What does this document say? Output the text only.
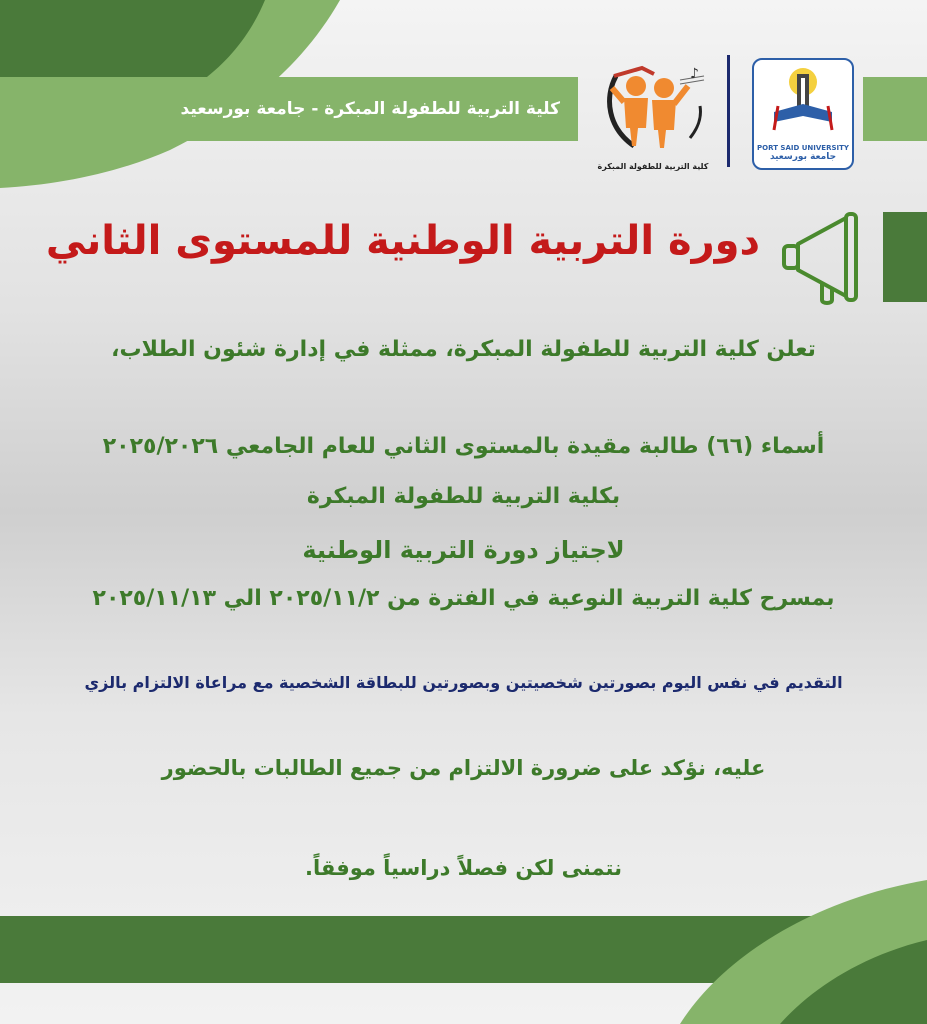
كلية التربية للطفولة المبكرة - جامعة بورسعيد
♪
كلية التربية للطفولة المبكرة
PORT SAID UNIVERSITY
جامعة بورسعيد
دورة التربية الوطنية للمستوى الثاني
تعلن كلية التربية للطفولة المبكرة، ممثلة في إدارة شئون الطلاب،
أسماء (٦٦) طالبة مقيدة بالمستوى الثاني للعام الجامعي ٢٠٢٥/٢٠٢٦
بكلية التربية للطفولة المبكرة
لاجتياز دورة التربية الوطنية
بمسرح كلية التربية النوعية في الفترة من ٢٠٢٥/١١/٢ الي ٢٠٢٥/١١/١٣
التقديم في نفس اليوم بصورتين شخصيتين وبصورتين للبطاقة الشخصية مع مراعاة الالتزام بالزي
عليه، نؤكد على ضرورة الالتزام من جميع الطالبات بالحضور
نتمنى لكن فصلاً دراسياً موفقاً.
